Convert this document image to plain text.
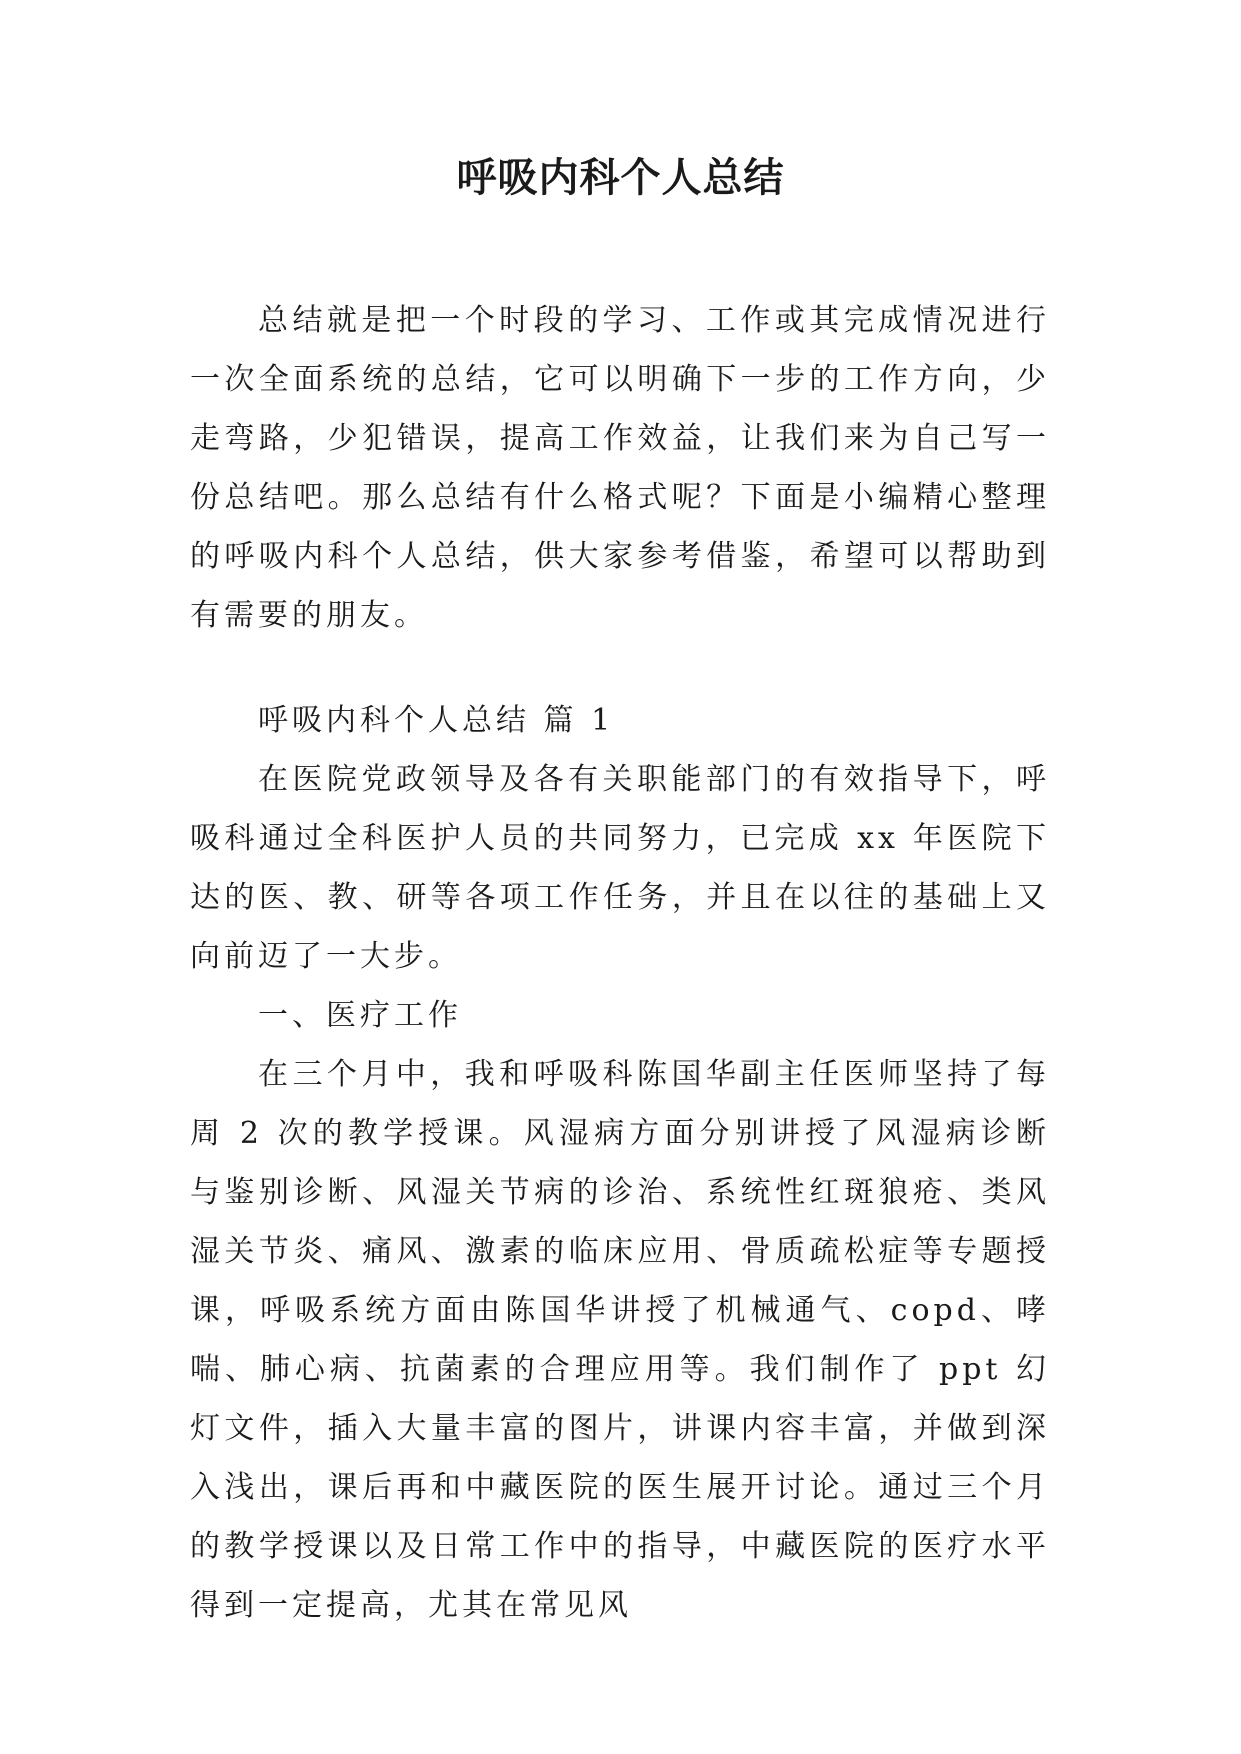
呼吸内科个人总结

总结就是把一个时段的学习、工作或其完成情况进行一次全面系统的总结，它可以明确下一步的工作方向，少走弯路，少犯错误，提高工作效益，让我们来为自己写一份总结吧。那么总结有什么格式呢？下面是小编精心整理的呼吸内科个人总结，供大家参考借鉴，希望可以帮助到有需要的朋友。

呼吸内科个人总结 篇 1

在医院党政领导及各有关职能部门的有效指导下，呼吸科通过全科医护人员的共同努力，已完成 xx 年医院下达的医、教、研等各项工作任务，并且在以往的基础上又向前迈了一大步。

一、医疗工作

在三个月中，我和呼吸科陈国华副主任医师坚持了每周 2 次的教学授课。风湿病方面分别讲授了风湿病诊断与鉴别诊断、风湿关节病的诊治、系统性红斑狼疮、类风湿关节炎、痛风、激素的临床应用、骨质疏松症等专题授课，呼吸系统方面由陈国华讲授了机械通气、copd、哮喘、肺心病、抗菌素的合理应用等。我们制作了 ppt 幻灯文件，插入大量丰富的图片，讲课内容丰富，并做到深入浅出，课后再和中藏医院的医生展开讨论。通过三个月的教学授课以及日常工作中的指导，中藏医院的医疗水平得到一定提高，尤其在常见风
